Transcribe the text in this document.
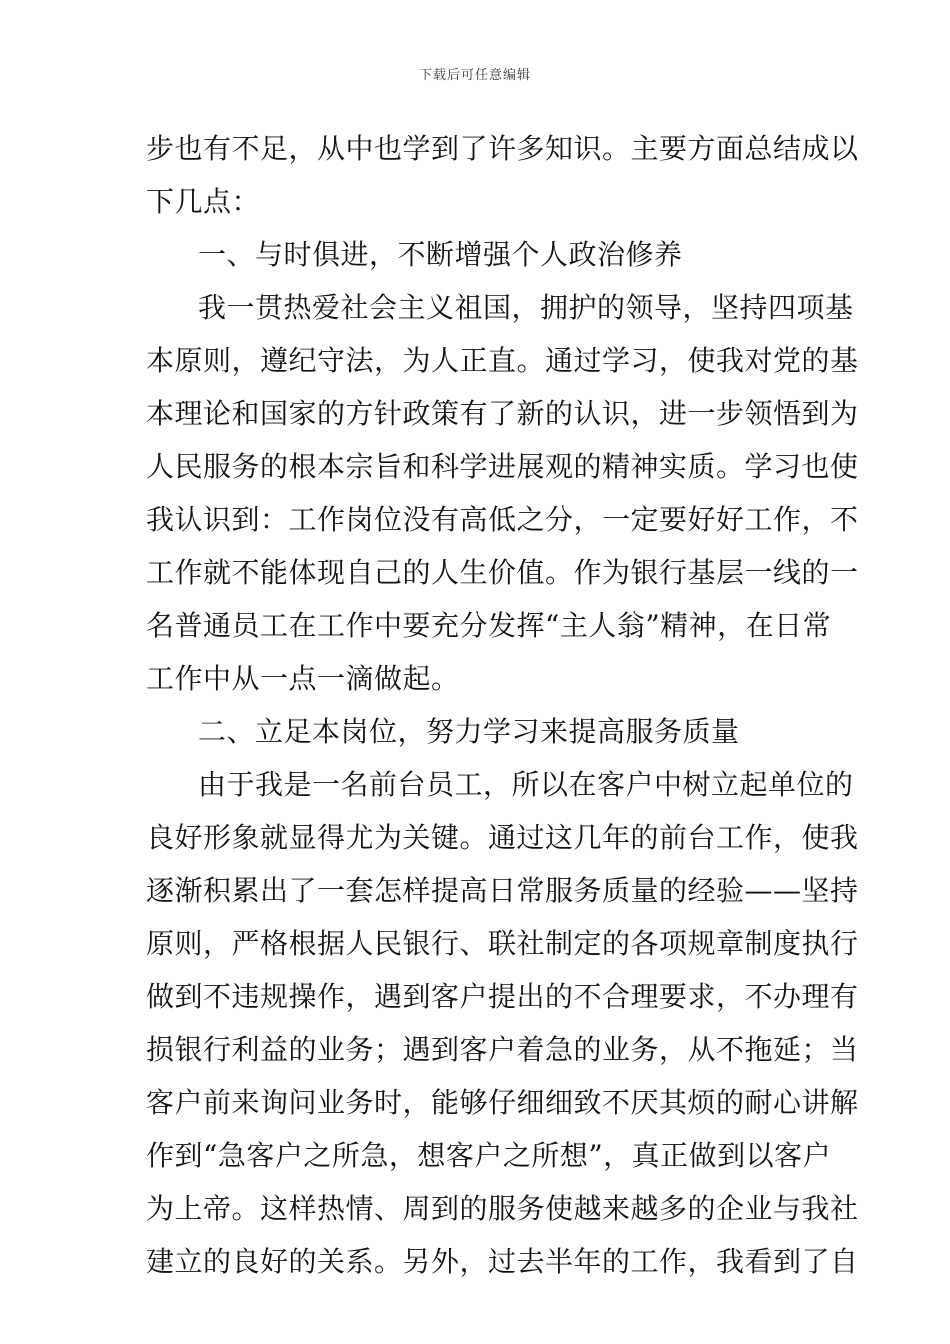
下载后可任意编辑
步也有不足，从中也学到了许多知识。主要方面总结成以
下几点：
一、与时俱进，不断增强个人政治修养
我一贯热爱社会主义祖国，拥护的领导，坚持四项基
本原则，遵纪守法，为人正直。通过学习，使我对党的基
本理论和国家的方针政策有了新的认识，进一步领悟到为
人民服务的根本宗旨和科学进展观的精神实质。学习也使
我认识到：工作岗位没有高低之分，一定要好好工作，不
工作就不能体现自己的人生价值。作为银行基层一线的一
名普通员工在工作中要充分发挥“主人翁”精神，在日常
工作中从一点一滴做起。
二、立足本岗位，努力学习来提高服务质量
由于我是一名前台员工，所以在客户中树立起单位的
良好形象就显得尤为关键。通过这几年的前台工作，使我
逐渐积累出了一套怎样提高日常服务质量的经验——坚持
原则，严格根据人民银行、联社制定的各项规章制度执行
做到不违规操作，遇到客户提出的不合理要求，不办理有
损银行利益的业务；遇到客户着急的业务，从不拖延；当
客户前来询问业务时，能够仔细细致不厌其烦的耐心讲解
作到“急客户之所急，想客户之所想”，真正做到以客户
为上帝。这样热情、周到的服务使越来越多的企业与我社
建立的良好的关系。另外，过去半年的工作，我看到了自
